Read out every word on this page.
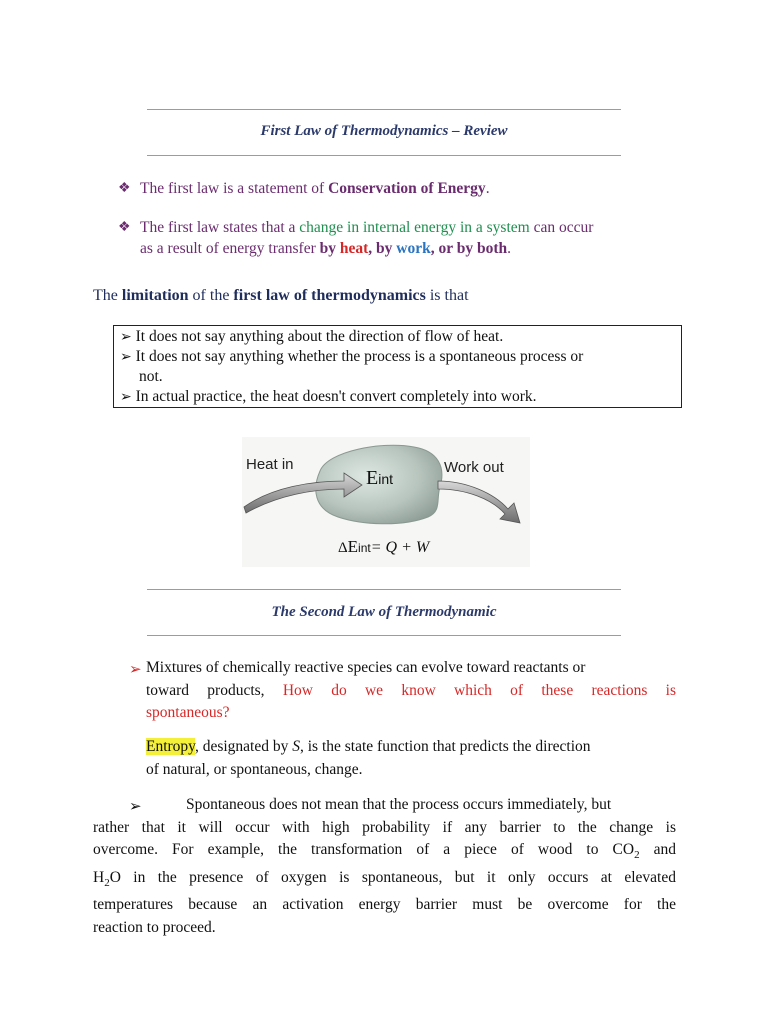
First Law of Thermodynamics – Review
❖ The first law is a statement of Conservation of Energy.
❖ The first law states that a change in internal energy in a system can occur
as a result of energy transfer by heat, by work, or by both.
The limitation of the first law of thermodynamics is that
➢ It does not say anything about the direction of flow of heat.
➢ It does not say anything whether the process is a spontaneous process or
not.
➢ In actual practice, the heat doesn't convert completely into work.
Heat in	Work out
Eint
ΔEint= Q + W
The Second Law of Thermodynamic
➢ Mixtures of chemically reactive species can evolve toward reactants or
toward products, How do we know which of these reactions is
spontaneous?
Entropy, designated by S, is the state function that predicts the direction
of natural, or spontaneous, change.
➢	Spontaneous does not mean that the process occurs immediately, but
rather that it will occur with high probability if any barrier to the change is
overcome. For example, the transformation of a piece of wood to $CO_2$ and
$H_2O$ in the presence of oxygen is spontaneous, but it only occurs at elevated
temperatures because an activation energy barrier must be overcome for the
reaction to proceed.
